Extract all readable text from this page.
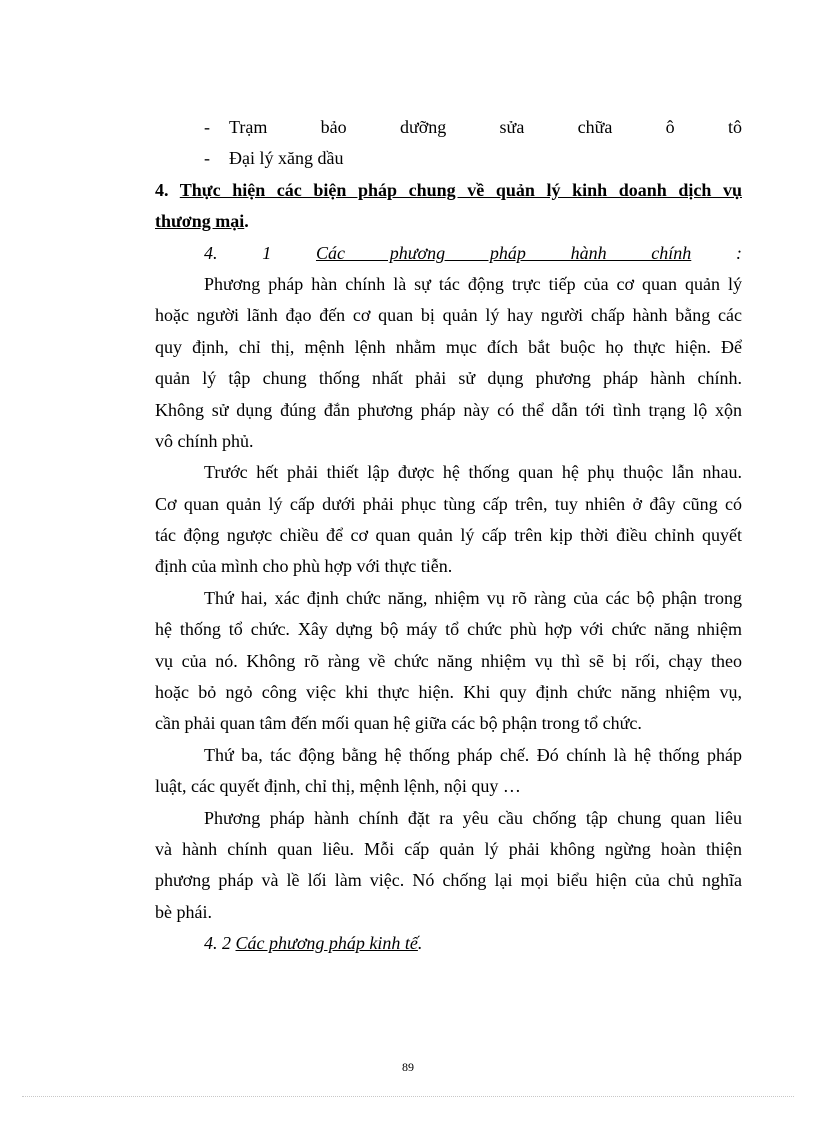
- Trạm bảo dưỡng sửa chữa ô tô
- Đại lý xăng dầu
4. Thực hiện các biện pháp chung về quản lý kinh doanh dịch vụ
thương mại.
4. 1 Các phương pháp hành chính :
Phương pháp hàn chính là sự tác động trực tiếp của cơ quan quản lý
hoặc người lãnh đạo đến cơ quan bị quản lý hay người chấp hành bằng các
quy định, chỉ thị, mệnh lệnh nhằm mục đích bắt buộc họ thực hiện. Để
quản lý tập chung thống nhất phải sử dụng phương pháp hành chính.
Không sử dụng đúng đắn phương pháp này có thể dẫn tới tình trạng lộ xộn
vô chính phủ.
Trước hết phải thiết lập được hệ thống quan hệ phụ thuộc lẫn nhau.
Cơ quan quản lý cấp dưới phải phục tùng cấp trên, tuy nhiên ở đây cũng có
tác động ngược chiều để cơ quan quản lý cấp trên kịp thời điều chỉnh quyết
định của mình cho phù hợp với thực tiễn.
Thứ hai, xác định chức năng, nhiệm vụ rõ ràng của các bộ phận trong
hệ thống tổ chức. Xây dựng bộ máy tổ chức phù hợp với chức năng nhiệm
vụ của nó. Không rõ ràng về chức năng nhiệm vụ thì sẽ bị rối, chạy theo
hoặc bỏ ngỏ công việc khi thực hiện. Khi quy định chức năng nhiệm vụ,
cần phải quan tâm đến mối quan hệ giữa các bộ phận trong tổ chức.
Thứ ba, tác động bằng hệ thống pháp chế. Đó chính là hệ thống pháp
luật, các quyết định, chỉ thị, mệnh lệnh, nội quy …
Phương pháp hành chính đặt ra yêu cầu chống tập chung quan liêu
và hành chính quan liêu. Mỗi cấp quản lý phải không ngừng hoàn thiện
phương pháp và lề lối làm việc. Nó chống lại mọi biểu hiện của chủ nghĩa
bè phái.
4. 2 Các phương pháp kinh tế.
89
